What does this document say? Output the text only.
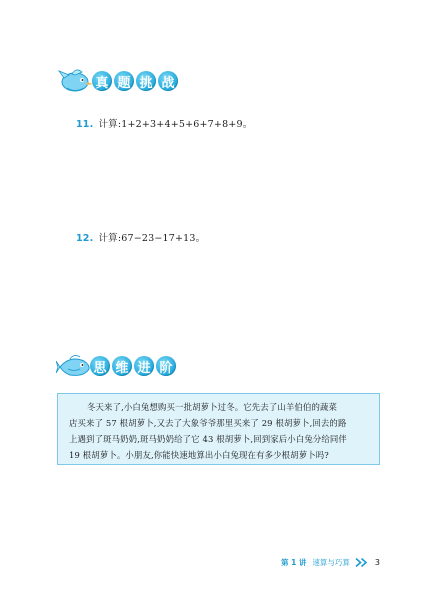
真 题 挑 战
11. 计算:1+2+3+4+5+6+7+8+9。
12. 计算:67−23−17+13。
思 维 进 阶
冬天来了,小白兔想购买一批胡萝卜过冬。它先去了山羊伯伯的蔬菜
店买来了 57 根胡萝卜,又去了大象爷爷那里买来了 29 根胡萝卜,回去的路
上遇到了斑马奶奶,斑马奶奶给了它 43 根胡萝卜,回到家后小白兔分给同伴
19 根胡萝卜。小朋友,你能快速地算出小白兔现在有多少根胡萝卜吗?
第 1 讲 速算与巧算	3
